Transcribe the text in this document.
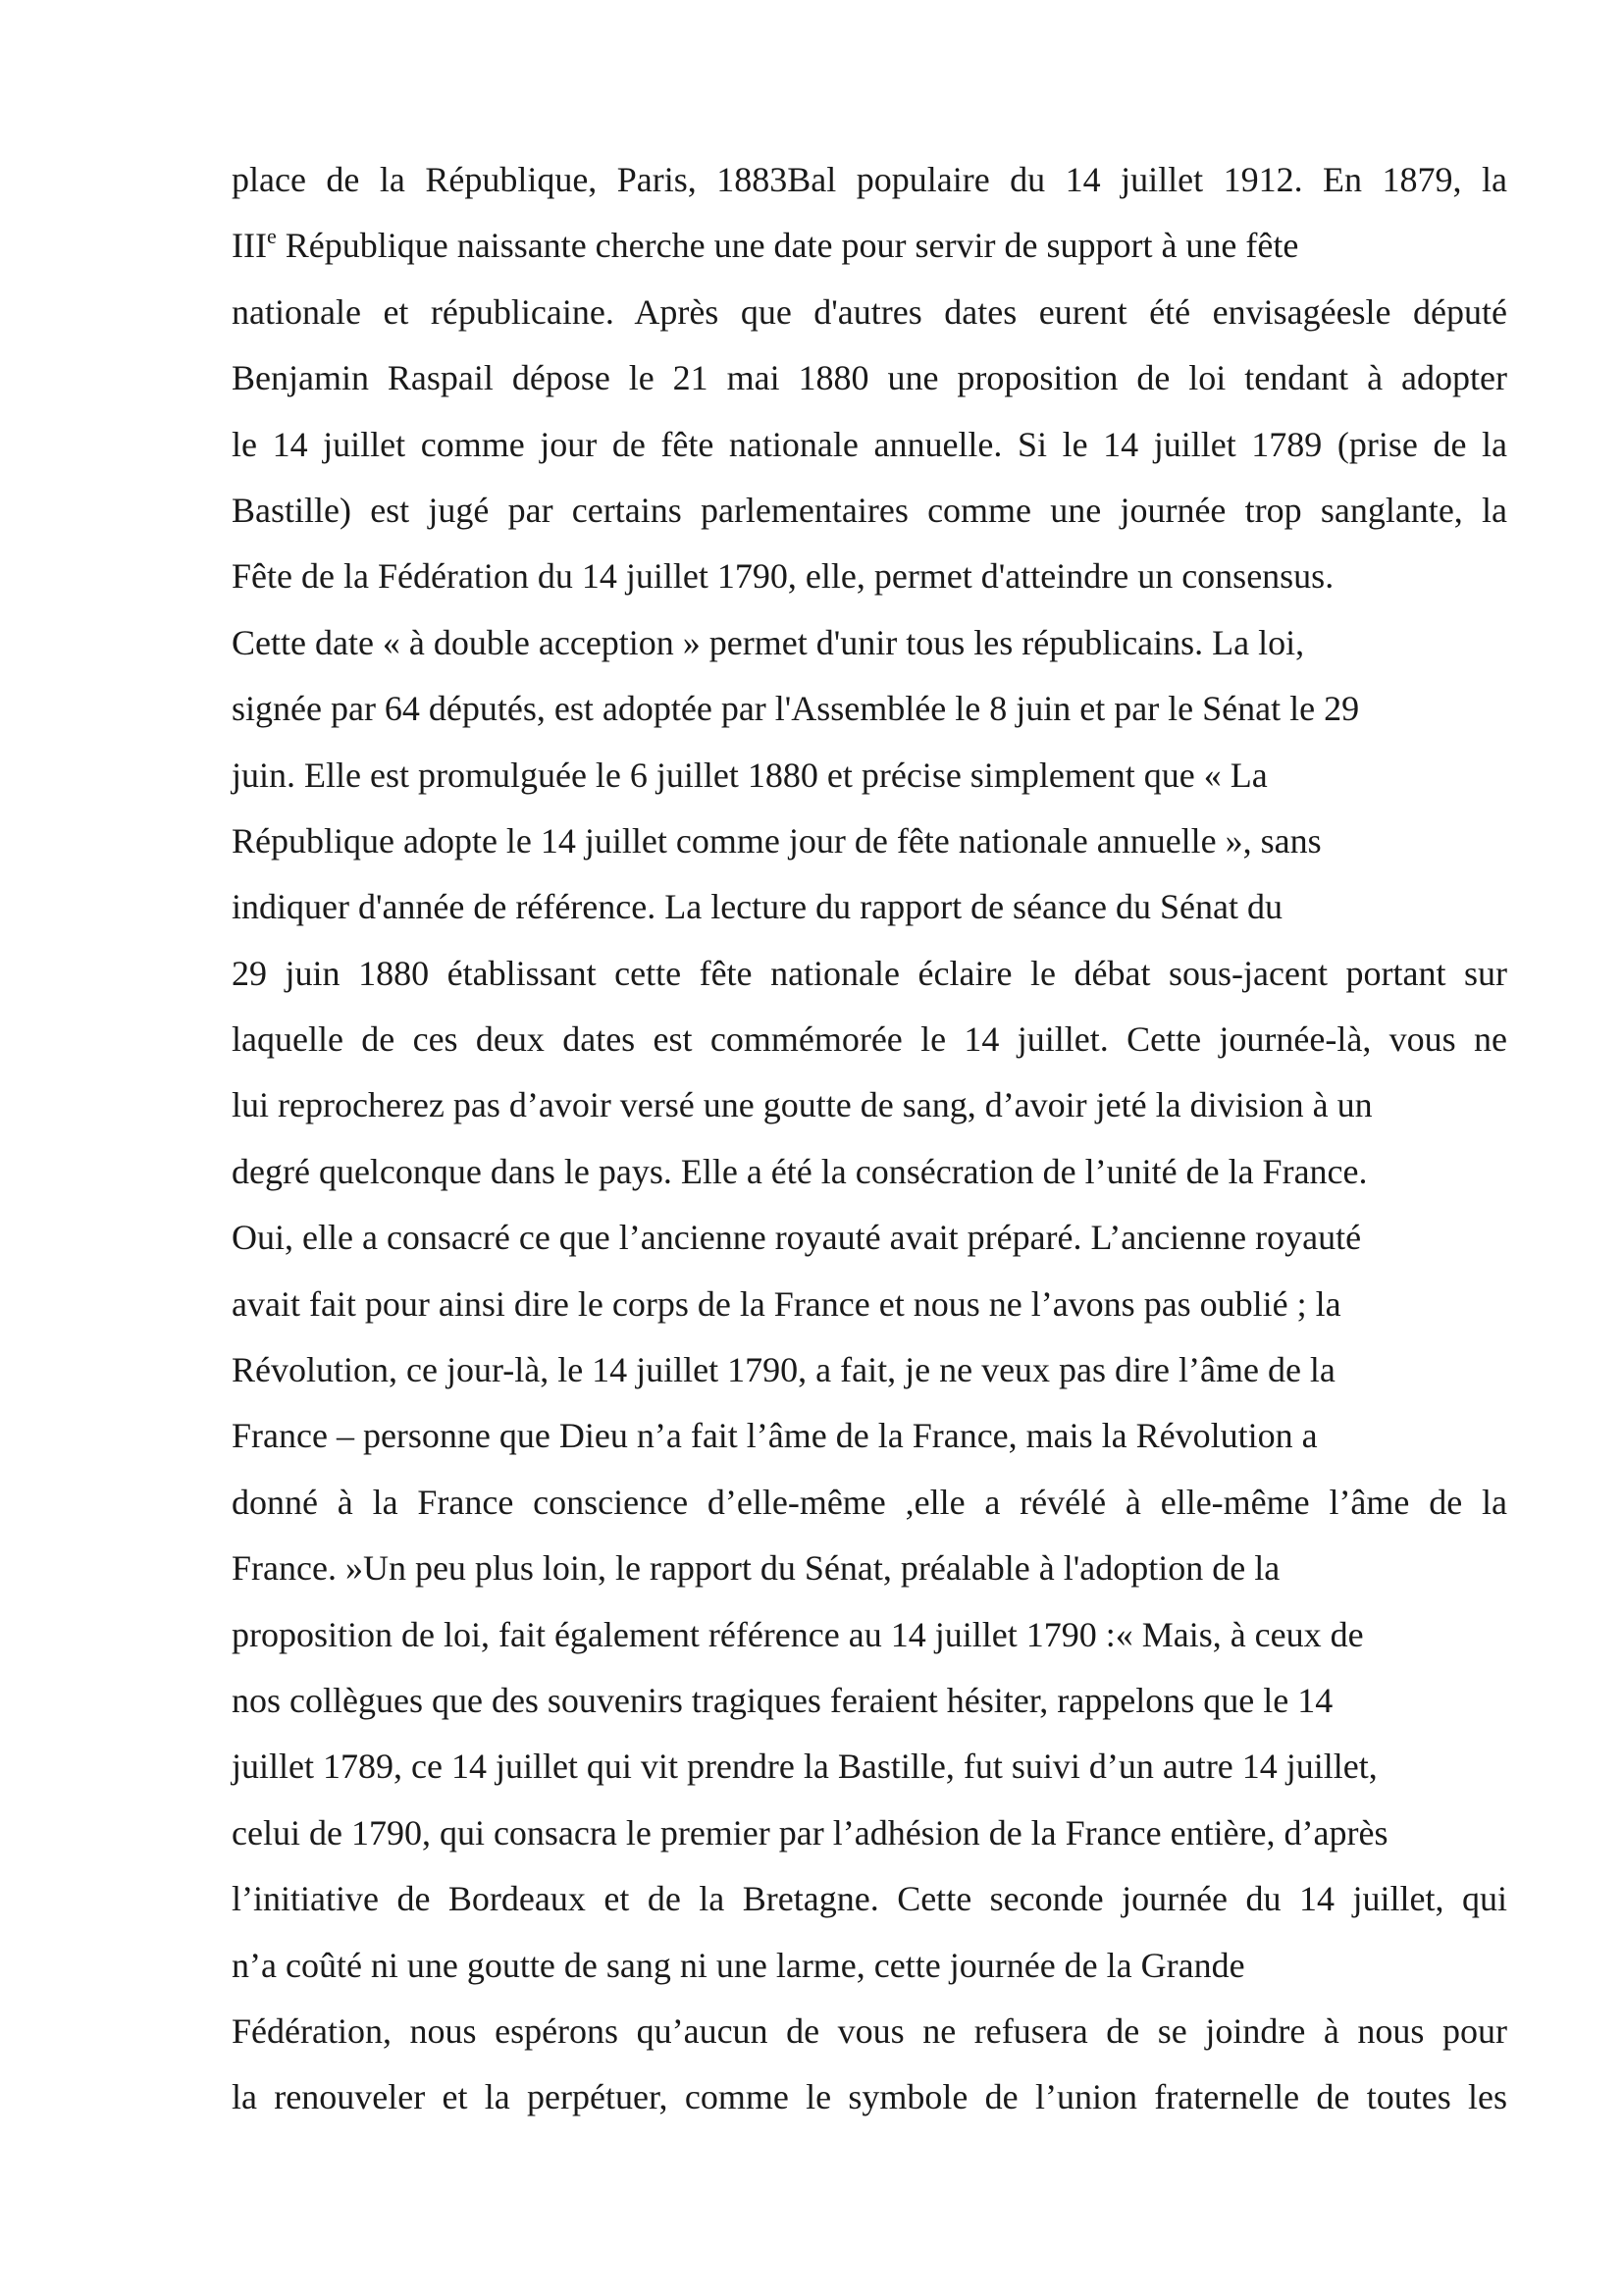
place de la République, Paris, 1883Bal populaire du 14 juillet 1912. En 1879, la
IIIe République naissante cherche une date pour servir de support à une fête
nationale et républicaine. Après que d'autres dates eurent été envisagéesle député
Benjamin Raspail dépose le 21 mai 1880 une proposition de loi tendant à adopter
le 14 juillet comme jour de fête nationale annuelle. Si le 14 juillet 1789 (prise de la
Bastille) est jugé par certains parlementaires comme une journée trop sanglante, la
Fête de la Fédération du 14 juillet 1790, elle, permet d'atteindre un consensus.
Cette date « à double acception » permet d'unir tous les républicains. La loi,
signée par 64 députés, est adoptée par l'Assemblée le 8 juin et par le Sénat le 29
juin. Elle est promulguée le 6 juillet 1880 et précise simplement que « La
République adopte le 14 juillet comme jour de fête nationale annuelle », sans
indiquer d'année de référence. La lecture du rapport de séance du Sénat du
29 juin 1880 établissant cette fête nationale éclaire le débat sous-jacent portant sur
laquelle de ces deux dates est commémorée le 14 juillet. Cette journée-là, vous ne
lui reprocherez pas d’avoir versé une goutte de sang, d’avoir jeté la division à un
degré quelconque dans le pays. Elle a été la consécration de l’unité de la France.
Oui, elle a consacré ce que l’ancienne royauté avait préparé. L’ancienne royauté
avait fait pour ainsi dire le corps de la France et nous ne l’avons pas oublié ; la
Révolution, ce jour-là, le 14 juillet 1790, a fait, je ne veux pas dire l’âme de la
France – personne que Dieu n’a fait l’âme de la France, mais la Révolution a
donné à la France conscience d’elle-même ,elle a révélé à elle-même l’âme de la
France. »Un peu plus loin, le rapport du Sénat, préalable à l'adoption de la
proposition de loi, fait également référence au 14 juillet 1790 :« Mais, à ceux de
nos collègues que des souvenirs tragiques feraient hésiter, rappelons que le 14
juillet 1789, ce 14 juillet qui vit prendre la Bastille, fut suivi d’un autre 14 juillet,
celui de 1790, qui consacra le premier par l’adhésion de la France entière, d’après
l’initiative de Bordeaux et de la Bretagne. Cette seconde journée du 14 juillet, qui
n’a coûté ni une goutte de sang ni une larme, cette journée de la Grande
Fédération, nous espérons qu’aucun de vous ne refusera de se joindre à nous pour
la renouveler et la perpétuer, comme le symbole de l’union fraternelle de toutes les
